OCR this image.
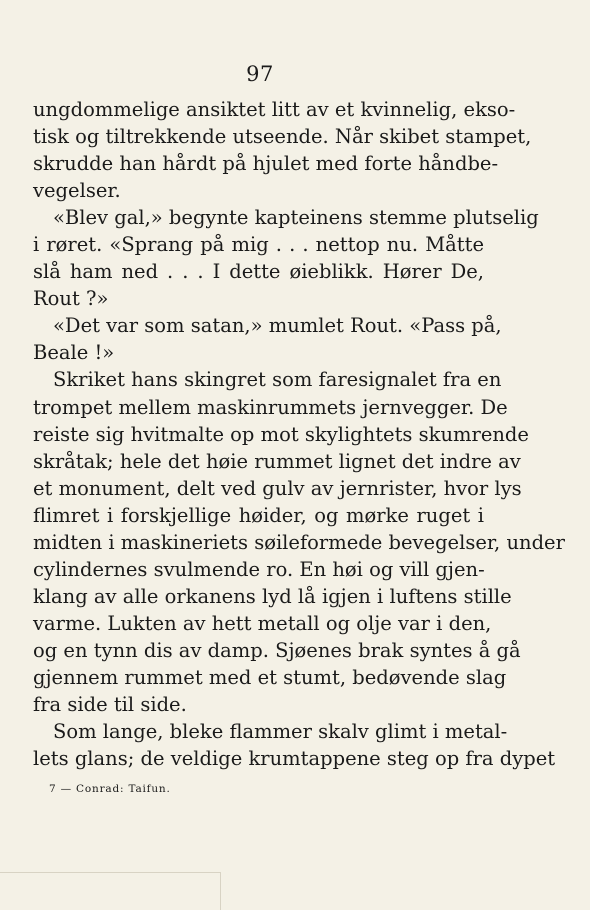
97
ungdommelige ansiktet litt av et kvinnelig, ekso-
tisk og tiltrekkende utseende. Når skibet stampet,
skrudde han hårdt på hjulet med forte håndbe-
vegelser.
«Blev gal,» begynte kapteinens stemme plutselig
i røret. «Sprang på mig . . . nettop nu. Måtte
slå ham ned . . . I dette øieblikk. Hører De,
Rout ?»
«Det var som satan,» mumlet Rout. «Pass på,
Beale !»
Skriket hans skingret som faresignalet fra en
trompet mellem maskinrummets jernvegger. De
reiste sig hvitmalte op mot skylightets skumrende
skråtak; hele det høie rummet lignet det indre av
et monument, delt ved gulv av jernrister, hvor lys
flimret i forskjellige høider, og mørke ruget i
midten i maskineriets søileformede bevegelser, under
cylindernes svulmende ro. En høi og vill gjen-
klang av alle orkanens lyd lå igjen i luftens stille
varme. Lukten av hett metall og olje var i den,
og en tynn dis av damp. Sjøenes brak syntes å gå
gjennem rummet med et stumt, bedøvende slag
fra side til side.
Som lange, bleke flammer skalv glimt i metal-
lets glans; de veldige krumtappene steg op fra dypet
7 — Conrad: Taifun.
